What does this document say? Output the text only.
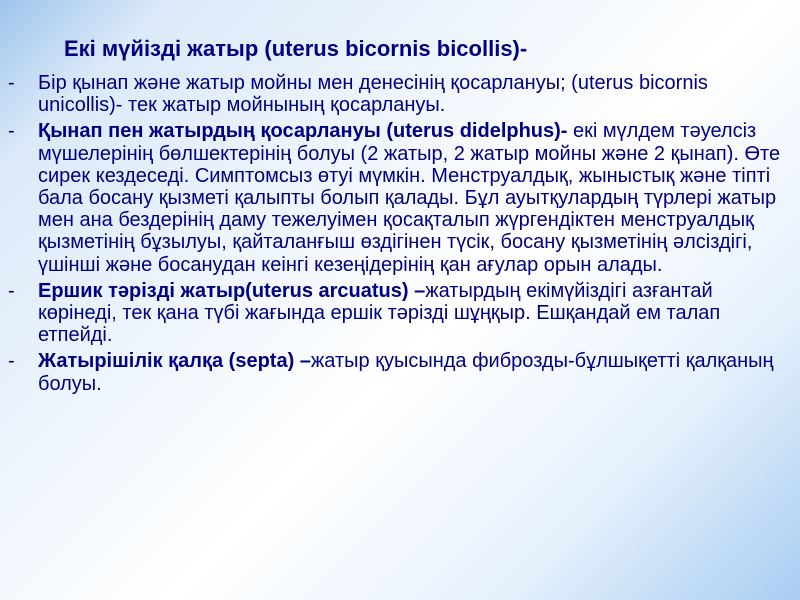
Екі мүйізді жатыр (uterus bicornis bicollis)-
-	Бір қынап және жатыр мойны мен денесінің қосарлануы; (uterus bicornis unicollis)- тек жатыр мойнының қосарлануы.
-	Қынап пен жатырдың қосарлануы (uterus didelphus)- екі мүлдем тәуелсіз мүшелерінің бөлшектерінің болуы (2 жатыр, 2 жатыр мойны және 2 қынап). Өте сирек кездеседі. Симптомсыз өтуі мүмкін. Менструалдық, жыныстық және тіпті бала босану қызметі қалыпты болып қалады. Бұл ауытқулардың түрлері жатыр мен ана бездерінің даму тежелуімен қосақталып жүргендіктен менструалдық қызметінің бұзылуы, қайталанғыш өздігінен түсік, босану қызметінің әлсіздігі, үшінші және босанудан кеінгі кезеңідерінің қан ағулар орын алады.
-	Ершик тәрізді жатыр(uterus arcuatus) –жатырдың екімүйіздігі азғантай көрінеді, тек қана түбі жағында ершік тәрізді шұңқыр. Ешқандай ем талап етпейді.
-	Жатырішілік қалқа (septa) –жатыр қуысында фиброзды-бұлшықетті қалқаның болуы.
